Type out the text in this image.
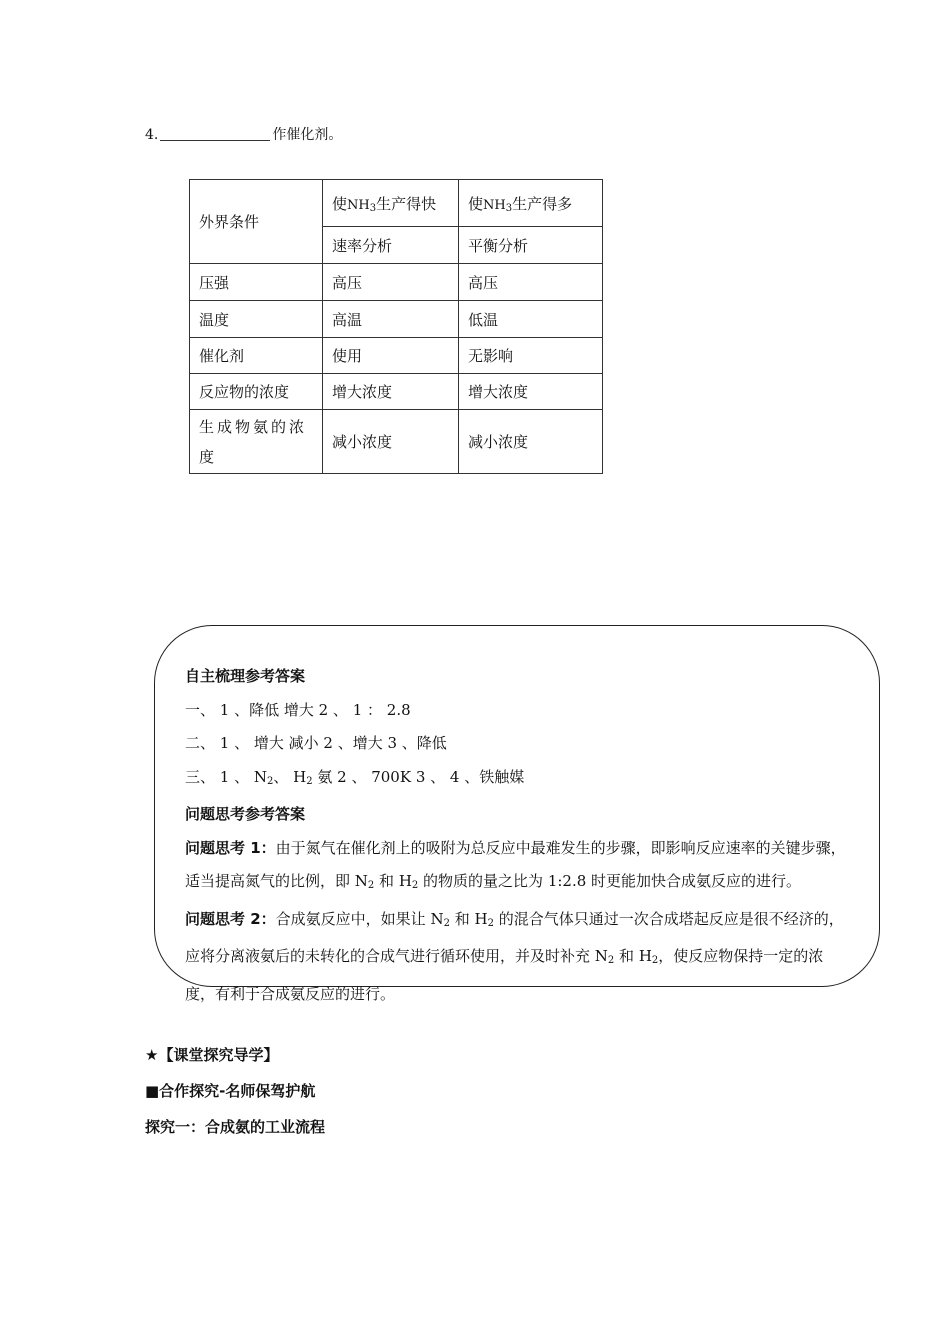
4.	作催化剂。
外界条件	使$NH_3$生产得快	使$NH_3$生产得多
	速率分析	平衡分析
压强	高压	高压
温度	高温	低温
催化剂	使用	无影响
反应物的浓度	增大浓度	增大浓度
生成物氨的浓度	减小浓度	减小浓度

自主梳理参考答案

一、 1 、降低 增大 2 、 1 ： 2.8

二、 1 、 增大 减小 2 、增大 3 、降低

三、 1 、 $N_2$、 $H_2$ 氨 2 、 700K 3 、 4 、铁触媒

问题思考参考答案

问题思考 1：由于氮气在催化剂上的吸附为总反应中最难发生的步骤，即影响反应速率的关键步骤，适当提高氮气的比例，即 $N_2$ 和 $H_2$ 的物质的量之比为 1:2.8 时更能加快合成氨反应的进行。

问题思考 2：合成氨反应中，如果让 $N_2$ 和 $H_2$ 的混合气体只通过一次合成塔起反应是很不经济的，应将分离液氨后的未转化的合成气进行循环使用，并及时补充 $N_2$ 和 $H_2$，使反应物保持一定的浓度，有利于合成氨反应的进行。

★【课堂探究导学】
■合作探究-名师保驾护航
探究一：合成氨的工业流程
